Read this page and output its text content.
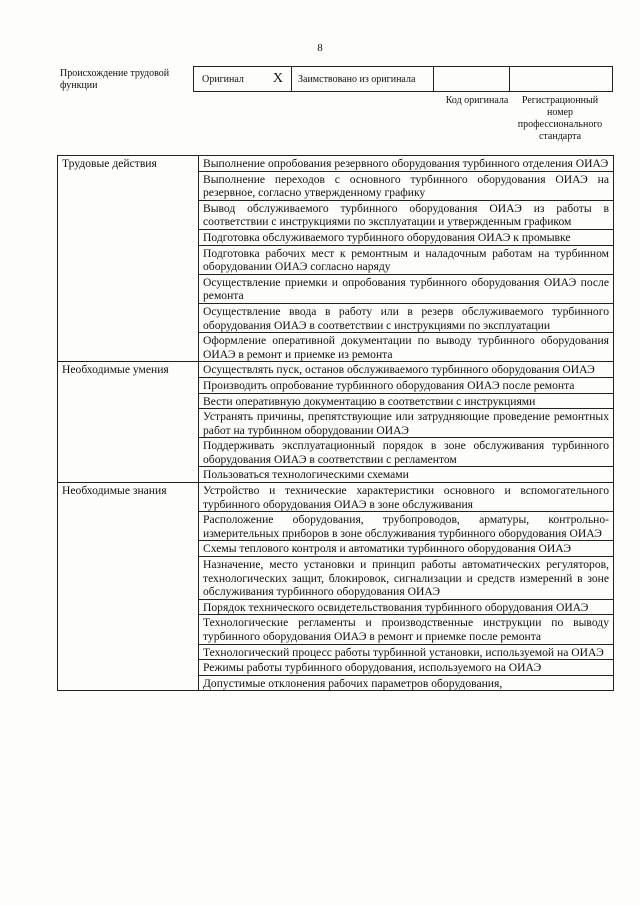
8
Происхождение трудовой функции
Оригинал X Заимствовано из оригинала
Код оригинала	Регистрационный номер профессионального стандарта
Трудовые действия	Выполнение опробования резервного оборудования турбинного отделения ОИАЭ
	Выполнение переходов с основного турбинного оборудования ОИАЭ на резервное, согласно утвержденному графику
	Вывод обслуживаемого турбинного оборудования ОИАЭ из работы в соответствии с инструкциями по эксплуатации и утвержденным графиком
	Подготовка обслуживаемого турбинного оборудования ОИАЭ к промывке
	Подготовка рабочих мест к ремонтным и наладочным работам на турбинном оборудовании ОИАЭ согласно наряду
	Осуществление приемки и опробования турбинного оборудования ОИАЭ после ремонта
	Осуществление ввода в работу или в резерв обслуживаемого турбинного оборудования ОИАЭ в соответствии с инструкциями по эксплуатации
	Оформление оперативной документации по выводу турбинного оборудования ОИАЭ в ремонт и приемке из ремонта
Необходимые умения	Осуществлять пуск, останов обслуживаемого турбинного оборудования ОИАЭ
	Производить опробование турбинного оборудования ОИАЭ после ремонта
	Вести оперативную документацию в соответствии с инструкциями
	Устранять причины, препятствующие или затрудняющие проведение ремонтных работ на турбинном оборудовании ОИАЭ
	Поддерживать эксплуатационный порядок в зоне обслуживания турбинного оборудования ОИАЭ в соответствии с регламентом
	Пользоваться технологическими схемами
Необходимые знания	Устройство и технические характеристики основного и вспомогательного турбинного оборудования ОИАЭ в зоне обслуживания
	Расположение оборудования, трубопроводов, арматуры, контрольно-измерительных приборов в зоне обслуживания турбинного оборудования ОИАЭ
	Схемы теплового контроля и автоматики турбинного оборудования ОИАЭ
	Назначение, место установки и принцип работы автоматических регуляторов, технологических защит, блокировок, сигнализации и средств измерений в зоне обслуживания турбинного оборудования ОИАЭ
	Порядок технического освидетельствования турбинного оборудования ОИАЭ
	Технологические регламенты и производственные инструкции по выводу турбинного оборудования ОИАЭ в ремонт и приемке после ремонта
	Технологический процесс работы турбинной установки, используемой на ОИАЭ
	Режимы работы турбинного оборудования, используемого на ОИАЭ
	Допустимые отклонения рабочих параметров оборудования,
